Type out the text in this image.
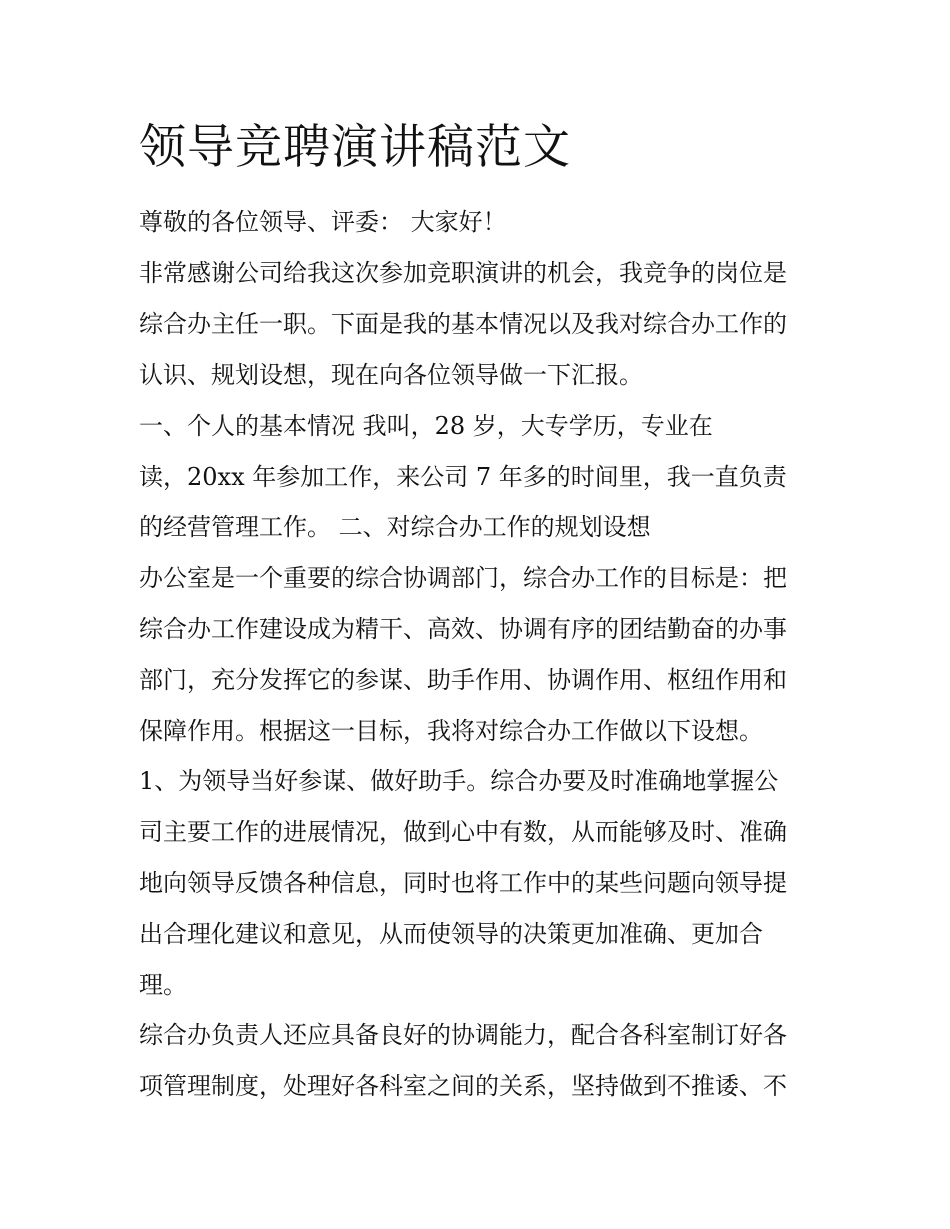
领导竞聘演讲稿范文

尊敬的各位领导、评委： 大家好！

非常感谢公司给我这次参加竞职演讲的机会，我竞争的岗位是

综合办主任一职。下面是我的基本情况以及我对综合办工作的

认识、规划设想，现在向各位领导做一下汇报。

一、个人的基本情况 我叫，28 岁，大专学历，专业在

读，20xx 年参加工作，来公司 7 年多的时间里，我一直负责

的经营管理工作。 二、对综合办工作的规划设想

办公室是一个重要的综合协调部门，综合办工作的目标是：把

综合办工作建设成为精干、高效、协调有序的团结勤奋的办事

部门，充分发挥它的参谋、助手作用、协调作用、枢纽作用和

保障作用。根据这一目标，我将对综合办工作做以下设想。

1、为领导当好参谋、做好助手。综合办要及时准确地掌握公

司主要工作的进展情况，做到心中有数，从而能够及时、准确

地向领导反馈各种信息，同时也将工作中的某些问题向领导提

出合理化建议和意见，从而使领导的决策更加准确、更加合

理。

综合办负责人还应具备良好的协调能力，配合各科室制订好各

项管理制度，处理好各科室之间的关系，坚持做到不推诿、不
